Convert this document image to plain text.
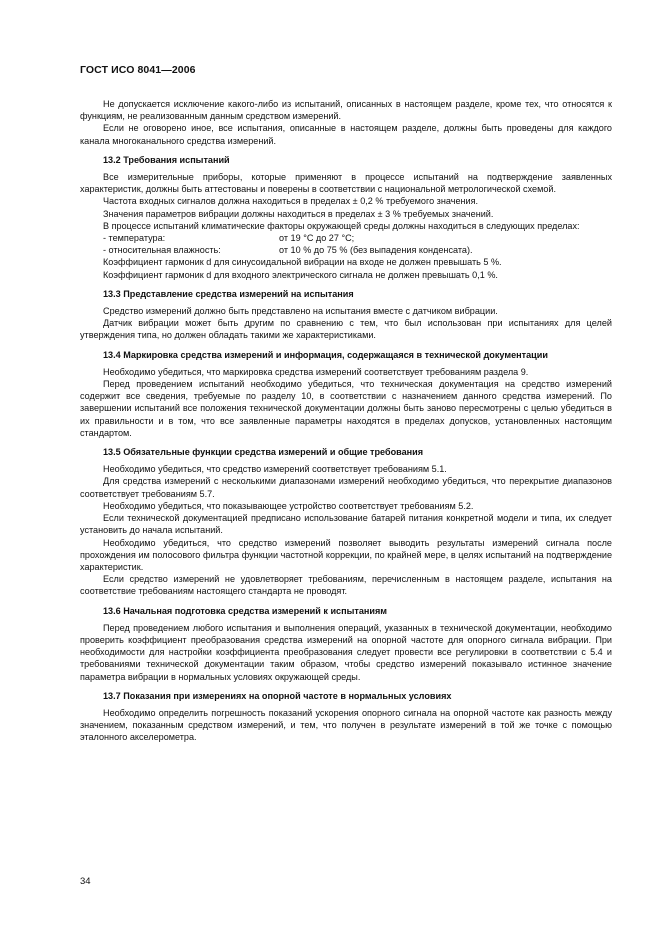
ГОСТ ИСО 8041—2006

Не допускается исключение какого-либо из испытаний, описанных в настоящем разделе, кроме тех, что относятся к функциям, не реализованным данным средством измерений.

Если не оговорено иное, все испытания, описанные в настоящем разделе, должны быть проведены для каждого канала многоканального средства измерений.

13.2 Требования испытаний

Все измерительные приборы, которые применяют в процессе испытаний на подтверждение заявленных характеристик, должны быть аттестованы и поверены в соответствии с национальной метрологической схемой.

Частота входных сигналов должна находиться в пределах ± 0,2 % требуемого значения.

Значения параметров вибрации должны находиться в пределах ± 3 % требуемых значений.

В процессе испытаний климатические факторы окружающей среды должны находиться в следующих пределах:

- температура:	от 19 °С до 27 °С;
- относительная влажность:	от 10 % до 75 % (без выпадения конденсата).

Коэффициент гармоник d для синусоидальной вибрации на входе не должен превышать 5 %.

Коэффициент гармоник d для входного электрического сигнала не должен превышать 0,1 %.

13.3 Представление средства измерений на испытания

Средство измерений должно быть представлено на испытания вместе с датчиком вибрации.

Датчик вибрации может быть другим по сравнению с тем, что был использован при испытаниях для целей утверждения типа, но должен обладать такими же характеристиками.

13.4 Маркировка средства измерений и информация, содержащаяся в технической документации

Необходимо убедиться, что маркировка средства измерений соответствует требованиям раздела 9.

Перед проведением испытаний необходимо убедиться, что техническая документация на средство измерений содержит все сведения, требуемые по разделу 10, в соответствии с назначением данного средства измерений. По завершении испытаний все положения технической документации должны быть заново пересмотрены с целью убедиться в их правильности и в том, что все заявленные параметры находятся в пределах допусков, установленных настоящим стандартом.

13.5 Обязательные функции средства измерений и общие требования

Необходимо убедиться, что средство измерений соответствует требованиям 5.1.

Для средства измерений с несколькими диапазонами измерений необходимо убедиться, что перекрытие диапазонов соответствует требованиям 5.7.

Необходимо убедиться, что показывающее устройство соответствует требованиям 5.2.

Если технической документацией предписано использование батарей питания конкретной модели и типа, их следует установить до начала испытаний.

Необходимо убедиться, что средство измерений позволяет выводить результаты измерений сигнала после прохождения им полосового фильтра функции частотной коррекции, по крайней мере, в целях испытаний на подтверждение характеристик.

Если средство измерений не удовлетворяет требованиям, перечисленным в настоящем разделе, испытания на соответствие требованиям настоящего стандарта не проводят.

13.6 Начальная подготовка средства измерений к испытаниям

Перед проведением любого испытания и выполнения операций, указанных в технической документации, необходимо проверить коэффициент преобразования средства измерений на опорной частоте для опорного сигнала вибрации. При необходимости для настройки коэффициента преобразования следует провести все регулировки в соответствии с 5.4 и требованиями технической документации таким образом, чтобы средство измерений показывало истинное значение параметра вибрации в нормальных условиях окружающей среды.

13.7 Показания при измерениях на опорной частоте в нормальных условиях

Необходимо определить погрешность показаний ускорения опорного сигнала на опорной частоте как разность между значением, показанным средством измерений, и тем, что получен в результате измерений в той же точке с помощью эталонного акселерометра.

34
